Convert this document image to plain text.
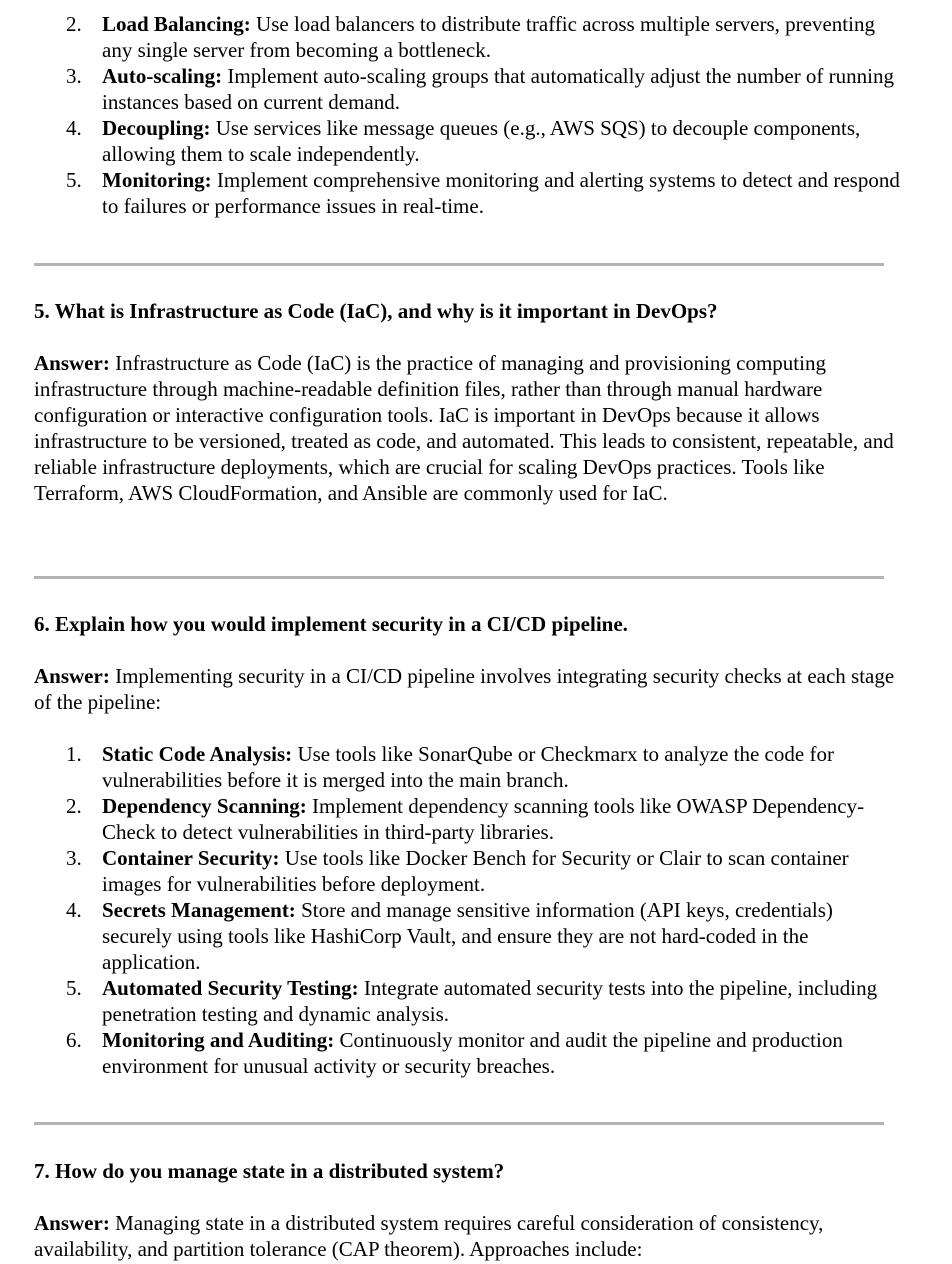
2. Load Balancing: Use load balancers to distribute traffic across multiple servers, preventing any single server from becoming a bottleneck.
3. Auto-scaling: Implement auto-scaling groups that automatically adjust the number of running instances based on current demand.
4. Decoupling: Use services like message queues (e.g., AWS SQS) to decouple components, allowing them to scale independently.
5. Monitoring: Implement comprehensive monitoring and alerting systems to detect and respond to failures or performance issues in real-time.
5. What is Infrastructure as Code (IaC), and why is it important in DevOps?
Answer: Infrastructure as Code (IaC) is the practice of managing and provisioning computing infrastructure through machine-readable definition files, rather than through manual hardware configuration or interactive configuration tools. IaC is important in DevOps because it allows infrastructure to be versioned, treated as code, and automated. This leads to consistent, repeatable, and reliable infrastructure deployments, which are crucial for scaling DevOps practices. Tools like Terraform, AWS CloudFormation, and Ansible are commonly used for IaC.
6. Explain how you would implement security in a CI/CD pipeline.
Answer: Implementing security in a CI/CD pipeline involves integrating security checks at each stage of the pipeline:
1. Static Code Analysis: Use tools like SonarQube or Checkmarx to analyze the code for vulnerabilities before it is merged into the main branch.
2. Dependency Scanning: Implement dependency scanning tools like OWASP Dependency-Check to detect vulnerabilities in third-party libraries.
3. Container Security: Use tools like Docker Bench for Security or Clair to scan container images for vulnerabilities before deployment.
4. Secrets Management: Store and manage sensitive information (API keys, credentials) securely using tools like HashiCorp Vault, and ensure they are not hard-coded in the application.
5. Automated Security Testing: Integrate automated security tests into the pipeline, including penetration testing and dynamic analysis.
6. Monitoring and Auditing: Continuously monitor and audit the pipeline and production environment for unusual activity or security breaches.
7. How do you manage state in a distributed system?
Answer: Managing state in a distributed system requires careful consideration of consistency, availability, and partition tolerance (CAP theorem). Approaches include:
